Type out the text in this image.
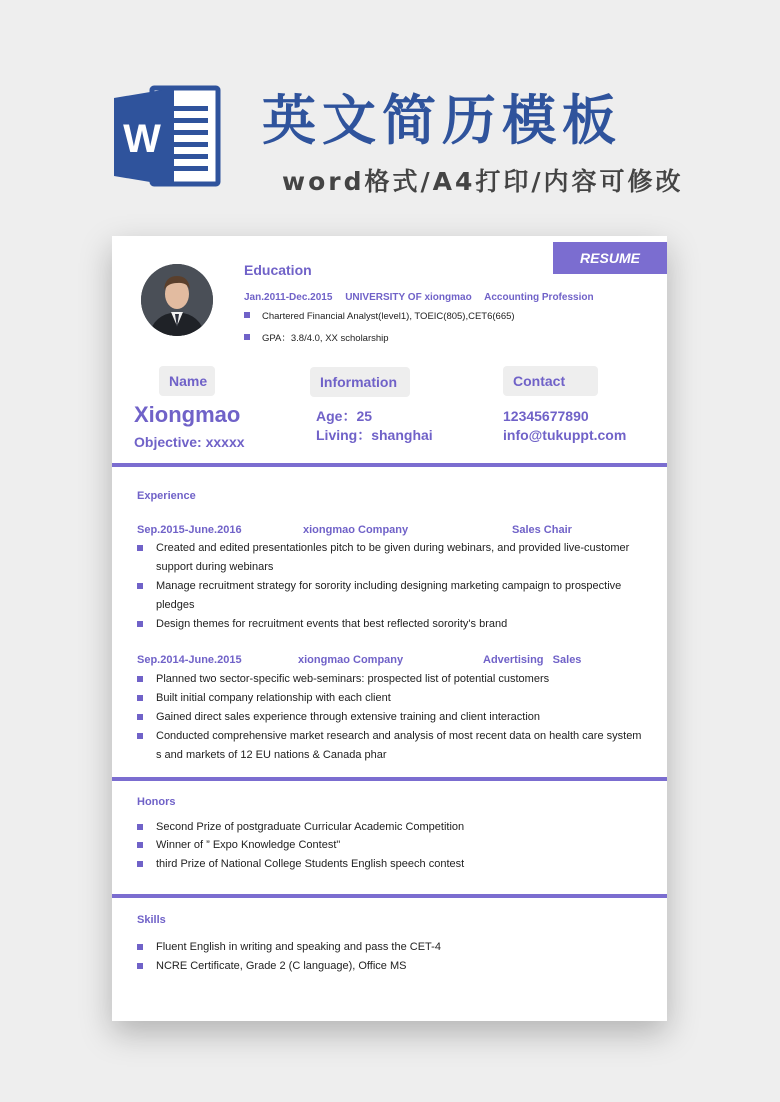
W 英文简历模板
word格式/A4打印/内容可修改
RESUME
Education
Jan.2011-Dec.2015 UNIVERSITY OF xiongmao Accounting Profession
Chartered Financial Analyst(level1), TOEIC(805),CET6(665)
GPA：3.8/4.0, XX scholarship
Name	Information	Contact
Xiongmao
Objective: xxxxx
Age：25
Living：shanghai
12345677890
info@tukuppt.com
Experience
Sep.2015-June.2016	xiongmao Company	Sales Chair
Created and edited presentationles pitch to be given during webinars, and provided live-customer support during webinars
Manage recruitment strategy for sorority including designing marketing campaign to prospective pledges
Design themes for recruitment events that best reflected sorority's brand
Sep.2014-June.2015	xiongmao Company	Advertising   Sales
Planned two sector-specific web-seminars: prospected list of potential customers
Built initial company relationship with each client
Gained direct sales experience through extensive training and client interaction
Conducted comprehensive market research and analysis of most recent data on health care system s and markets of 12 EU nations & Canada phar
Honors
Second Prize of postgraduate Curricular Academic Competition
Winner of ” Expo Knowledge Contest"
third Prize of National College Students English speech contest
Skills
Fluent English in writing and speaking and pass the CET-4
NCRE Certificate, Grade 2 (C language), Office MS
